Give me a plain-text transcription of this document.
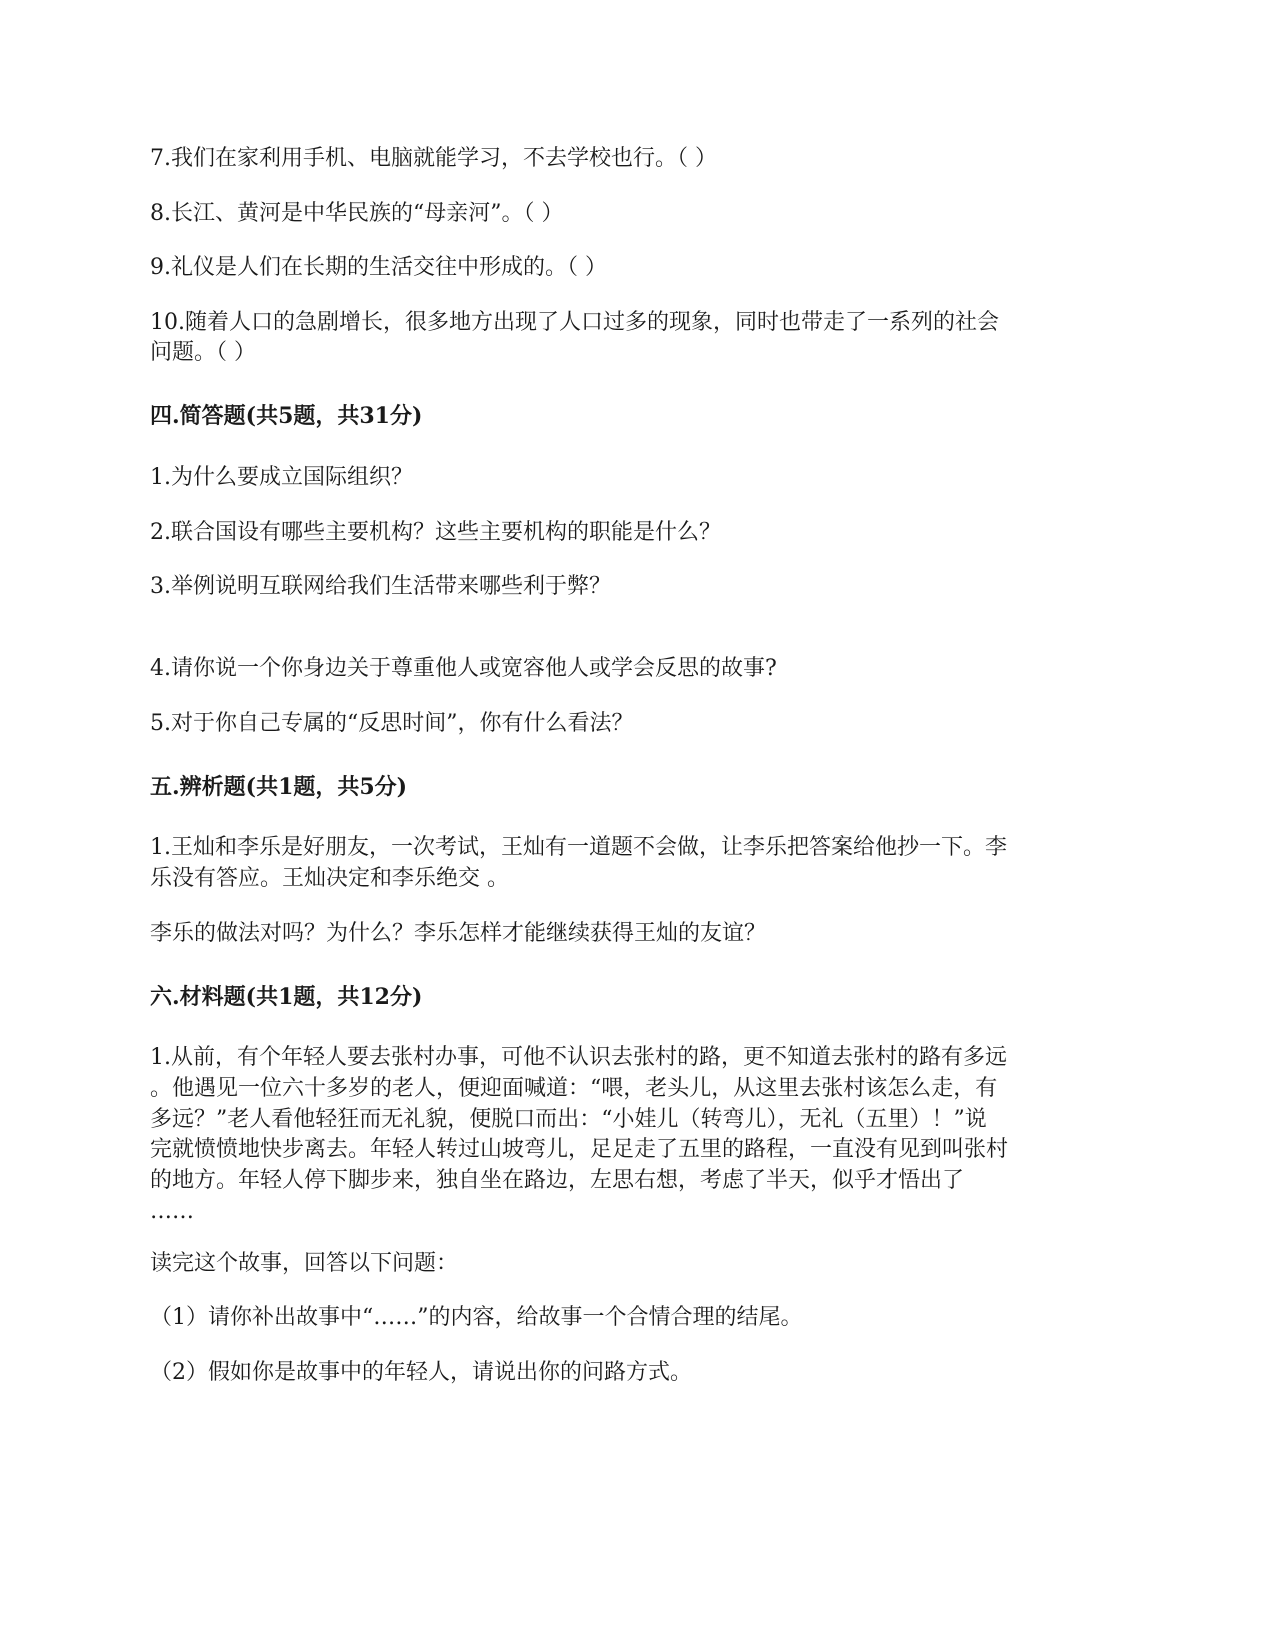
7.我们在家利用手机、电脑就能学习，不去学校也行。（ ）
8.长江、黄河是中华民族的“母亲河”。（ ）
9.礼仪是人们在长期的生活交往中形成的。（ ）
10.随着人口的急剧增长，很多地方出现了人口过多的现象，同时也带走了一系列的社会
问题。（ ）
四.简答题(共5题，共31分)
1.为什么要成立国际组织？
2.联合国设有哪些主要机构？这些主要机构的职能是什么？
3.举例说明互联网给我们生活带来哪些利于弊？
4.请你说一个你身边关于尊重他人或宽容他人或学会反思的故事?
5.对于你自己专属的“反思时间”，你有什么看法？
五.辨析题(共1题，共5分)
1.王灿和李乐是好朋友，一次考试，王灿有一道题不会做，让李乐把答案给他抄一下。李
乐没有答应。王灿决定和李乐绝交 。
李乐的做法对吗？为什么？李乐怎样才能继续获得王灿的友谊？
六.材料题(共1题，共12分)
1.从前，有个年轻人要去张村办事，可他不认识去张村的路，更不知道去张村的路有多远
。他遇见一位六十多岁的老人，便迎面喊道：“喂，老头儿，从这里去张村该怎么走，有
多远？”老人看他轻狂而无礼貌，便脱口而出：“小娃儿（转弯儿），无礼（五里）！”说
完就愤愤地快步离去。年轻人转过山坡弯儿，足足走了五里的路程，一直没有见到叫张村
的地方。年轻人停下脚步来，独自坐在路边，左思右想，考虑了半天，似乎才悟出了
……
读完这个故事，回答以下问题：
（1）请你补出故事中“……”的内容，给故事一个合情合理的结尾。
（2）假如你是故事中的年轻人，请说出你的问路方式。
